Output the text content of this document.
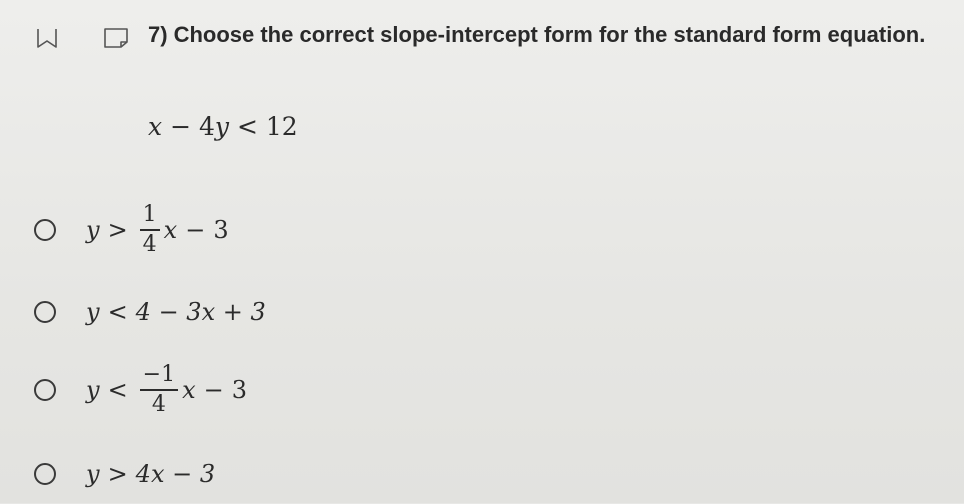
7) Choose the correct slope-intercept form for the standard form equation.
x − 4y < 12
$y > \frac{1}{4}$ x − 3
y < 4 − 3x + 3
$y < \frac{-1}{4}$ x − 3
y > 4x − 3
